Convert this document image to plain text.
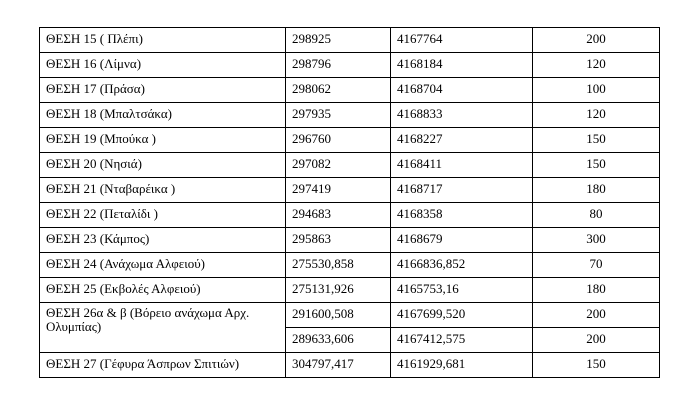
ΘΕΣΗ 15 ( Πλέπι)	298925	4167764	200
ΘΕΣΗ 16 (Λίμνα)	298796	4168184	120
ΘΕΣΗ 17 (Πράσα)	298062	4168704	100
ΘΕΣΗ 18 (Μπαλτσάκα)	297935	4168833	120
ΘΕΣΗ 19 (Μπούκα )	296760	4168227	150
ΘΕΣΗ 20 (Νησιά)	297082	4168411	150
ΘΕΣΗ 21 (Νταβαρέικα )	297419	4168717	180
ΘΕΣΗ 22 (Πεταλίδι )	294683	4168358	80
ΘΕΣΗ 23 (Κάμπος)	295863	4168679	300
ΘΕΣΗ 24 (Ανάχωμα Αλφειού)	275530,858	4166836,852	70
ΘΕΣΗ 25 (Εκβολές Αλφειού)	275131,926	4165753,16	180
ΘΕΣΗ 26α & β (Βόρειο ανάχωμα Αρχ. Ολυμπίας)	291600,508	4167699,520	200
	289633,606	4167412,575	200
ΘΕΣΗ 27 (Γέφυρα Άσπρων Σπιτιών)	304797,417	4161929,681	150
